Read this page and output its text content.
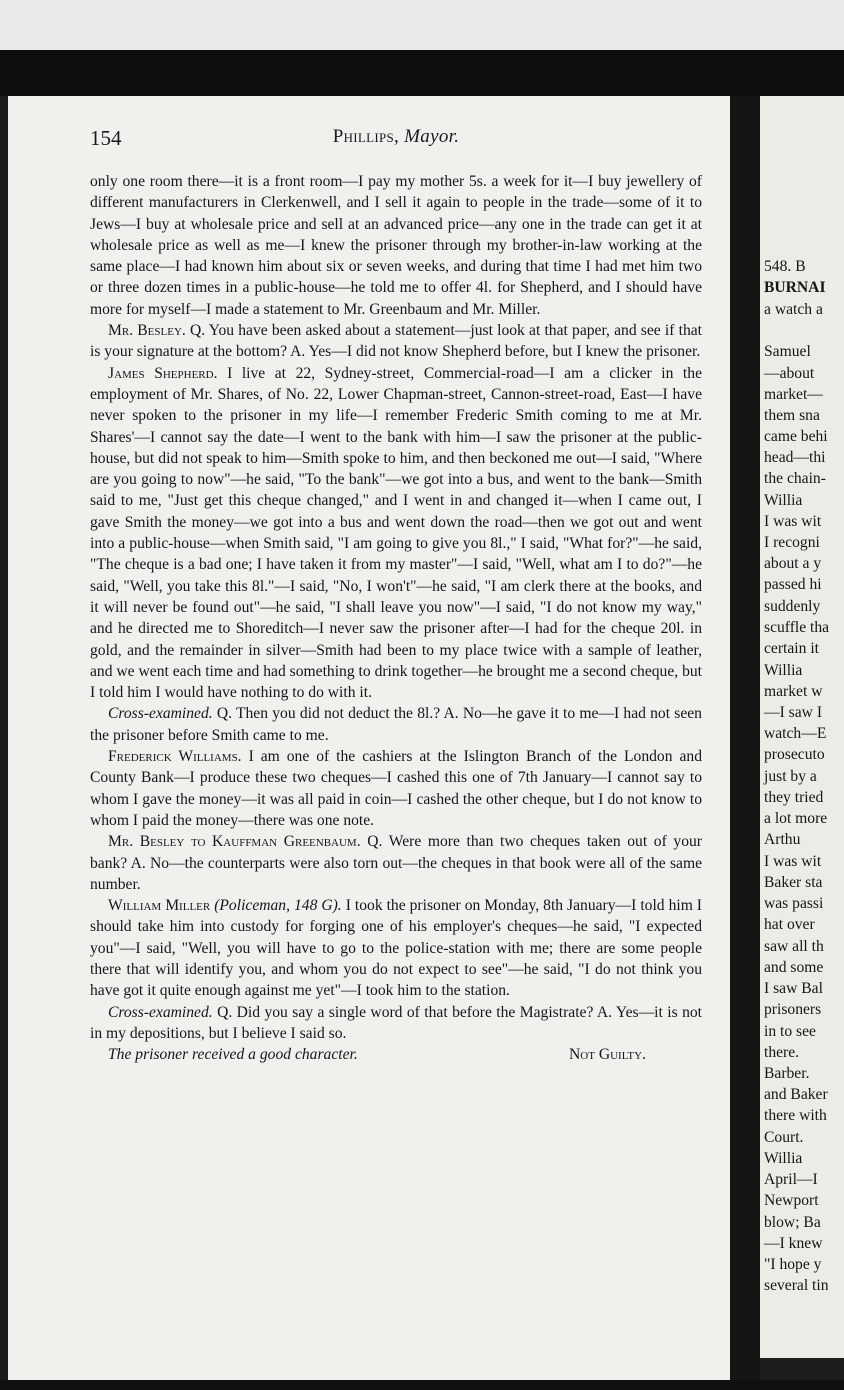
154	Phillips, Mayor.

only one room there—it is a front room—I pay my mother 5s. a week for it—I buy jewellery of different manufacturers in Clerkenwell, and I sell it again to people in the trade—some of it to Jews—I buy at wholesale price and sell at an advanced price—any one in the trade can get it at wholesale price as well as me—I knew the prisoner through my brother-in-law working at the same place—I had known him about six or seven weeks, and during that time I had met him two or three dozen times in a public-house—he told me to offer 4l. for Shepherd, and I should have more for myself—I made a statement to Mr. Greenbaum and Mr. Miller.

Mr. Besley. Q. You have been asked about a statement—just look at that paper, and see if that is your signature at the bottom? A. Yes—I did not know Shepherd before, but I knew the prisoner.

James Shepherd. I live at 22, Sydney-street, Commercial-road—I am a clicker in the employment of Mr. Shares, of No. 22, Lower Chapman-street, Cannon-street-road, East—I have never spoken to the prisoner in my life—I remember Frederic Smith coming to me at Mr. Shares'—I cannot say the date—I went to the bank with him—I saw the prisoner at the public-house, but did not speak to him—Smith spoke to him, and then beckoned me out—I said, "Where are you going to now"—he said, "To the bank"—we got into a bus, and went to the bank—Smith said to me, "Just get this cheque changed," and I went in and changed it—when I came out, I gave Smith the money—we got into a bus and went down the road—then we got out and went into a public-house—when Smith said, "I am going to give you 8l.," I said, "What for?"—he said, "The cheque is a bad one; I have taken it from my master"—I said, "Well, what am I to do?"—he said, "Well, you take this 8l."—I said, "No, I won't"—he said, "I am clerk there at the books, and it will never be found out"—he said, "I shall leave you now"—I said, "I do not know my way," and he directed me to Shoreditch—I never saw the prisoner after—I had for the cheque 20l. in gold, and the remainder in silver—Smith had been to my place twice with a sample of leather, and we went each time and had something to drink together—he brought me a second cheque, but I told him I would have nothing to do with it.

Cross-examined. Q. Then you did not deduct the 8l.? A. No—he gave it to me—I had not seen the prisoner before Smith came to me.

Frederick Williams. I am one of the cashiers at the Islington Branch of the London and County Bank—I produce these two cheques—I cashed this one of 7th January—I cannot say to whom I gave the money—it was all paid in coin—I cashed the other cheque, but I do not know to whom I paid the money—there was one note.

Mr. Besley to Kauffman Greenbaum. Q. Were more than two cheques taken out of your bank? A. No—the counterparts were also torn out—the cheques in that book were all of the same number.

William Miller (Policeman, 148 G). I took the prisoner on Monday, 8th January—I told him I should take him into custody for forging one of his employer's cheques—he said, "I expected you"—I said, "Well, you will have to go to the police-station with me; there are some people there that will identify you, and whom you do not expect to see"—he said, "I do not think you have got it quite enough against me yet"—I took him to the station.

Cross-examined. Q. Did you say a single word of that before the Magistrate? A. Yes—it is not in my depositions, but I believe I said so.

The prisoner received a good character.	Not Guilty.
548. B
BURNAI
a watch a
Samuel
—about
market—
them sna
came behi
head—thi
the chain-
Willia
I was wit
I recogni
about a y
passed hi
suddenly
scuffle tha
certain it
Willia
market w
—I saw I
watch—E
prosecuto
just by a
they tried
a lot more
Arthu
I was wit
Baker sta
was passi
hat over
saw all th
and some
I saw Bal
prisoners
in to see
there.
Barber.
and Baker
there with
Court.
Willia
April—I
Newport
blow; Ba
—I knew
"I hope y
several tin
